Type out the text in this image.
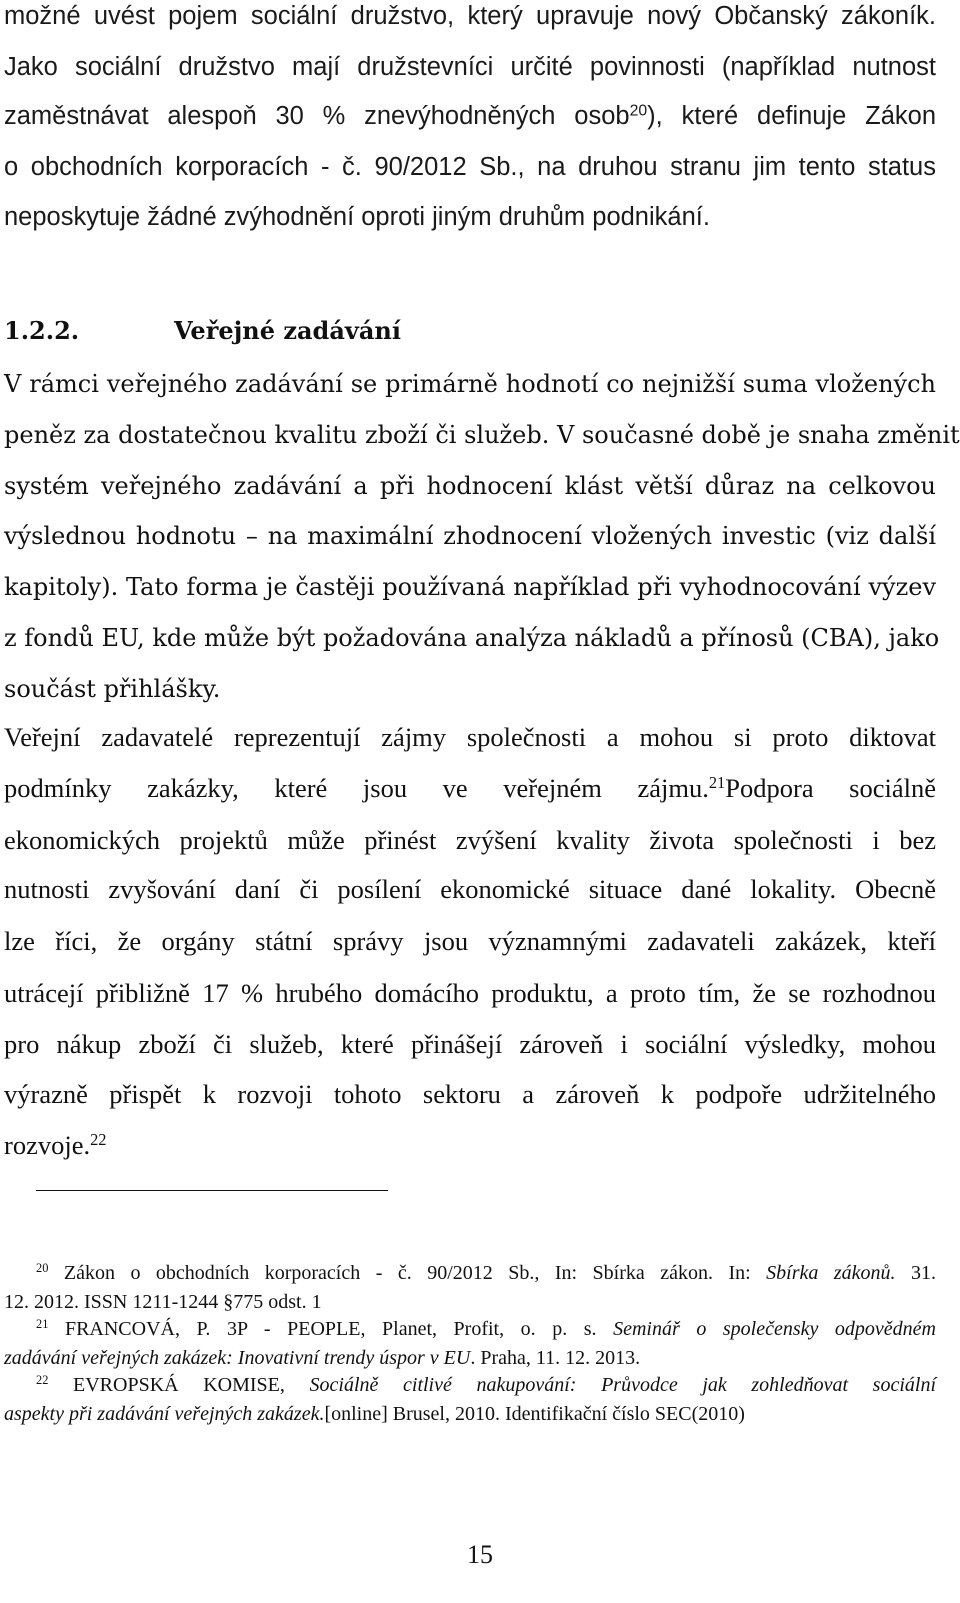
možné uvést pojem sociální družstvo, který upravuje nový Občanský zákoník.
Jako sociální družstvo mají družstevníci určité povinnosti (například nutnost
zaměstnávat alespoň 30 % znevýhodněných osob$^{20}$), které definuje Zákon
o obchodních korporacích - č. 90/2012 Sb., na druhou stranu jim tento status
neposkytuje žádné zvýhodnění oproti jiným druhům podnikání.
1.2.2.	Veřejné zadávání
V rámci veřejného zadávání se primárně hodnotí co nejnižší suma vložených
peněz za dostatečnou kvalitu zboží či služeb. V současné době je snaha změnit
systém veřejného zadávání a při hodnocení klást větší důraz na celkovou
výslednou hodnotu – na maximální zhodnocení vložených investic (viz další
kapitoly). Tato forma je častěji používaná například při vyhodnocování výzev
z fondů EU, kde může být požadována analýza nákladů a přínosů (CBA), jako
součást přihlášky.
Veřejní zadavatelé reprezentují zájmy společnosti a mohou si proto diktovat
podmínky zakázky, které jsou ve veřejném zájmu.$^{21}$Podpora sociálně
ekonomických projektů může přinést zvýšení kvality života společnosti i bez
nutnosti zvyšování daní či posílení ekonomické situace dané lokality. Obecně
lze říci, že orgány státní správy jsou významnými zadavateli zakázek, kteří
utrácejí přibližně 17 % hrubého domácího produktu, a proto tím, že se rozhodnou
pro nákup zboží či služeb, které přinášejí zároveň i sociální výsledky, mohou
výrazně přispět k rozvoji tohoto sektoru a zároveň k podpoře udržitelného
rozvoje.$^{22}$
$^{20}$ Zákon o obchodních korporacích - č. 90/2012 Sb., In: Sbírka zákon. In: Sbírka zákonů. 31.
12. 2012. ISSN 1211-1244 §775 odst. 1
$^{21}$ FRANCOVÁ, P. 3P - PEOPLE, Planet, Profit, o. p. s. Seminář o společensky odpovědném
zadávání veřejných zakázek: Inovativní trendy úspor v EU. Praha, 11. 12. 2013.
$^{22}$ EVROPSKÁ KOMISE, Sociálně citlivé nakupování: Průvodce jak zohledňovat sociální
aspekty při zadávání veřejných zakázek.[online] Brusel, 2010. Identifikační číslo SEC(2010)
15
